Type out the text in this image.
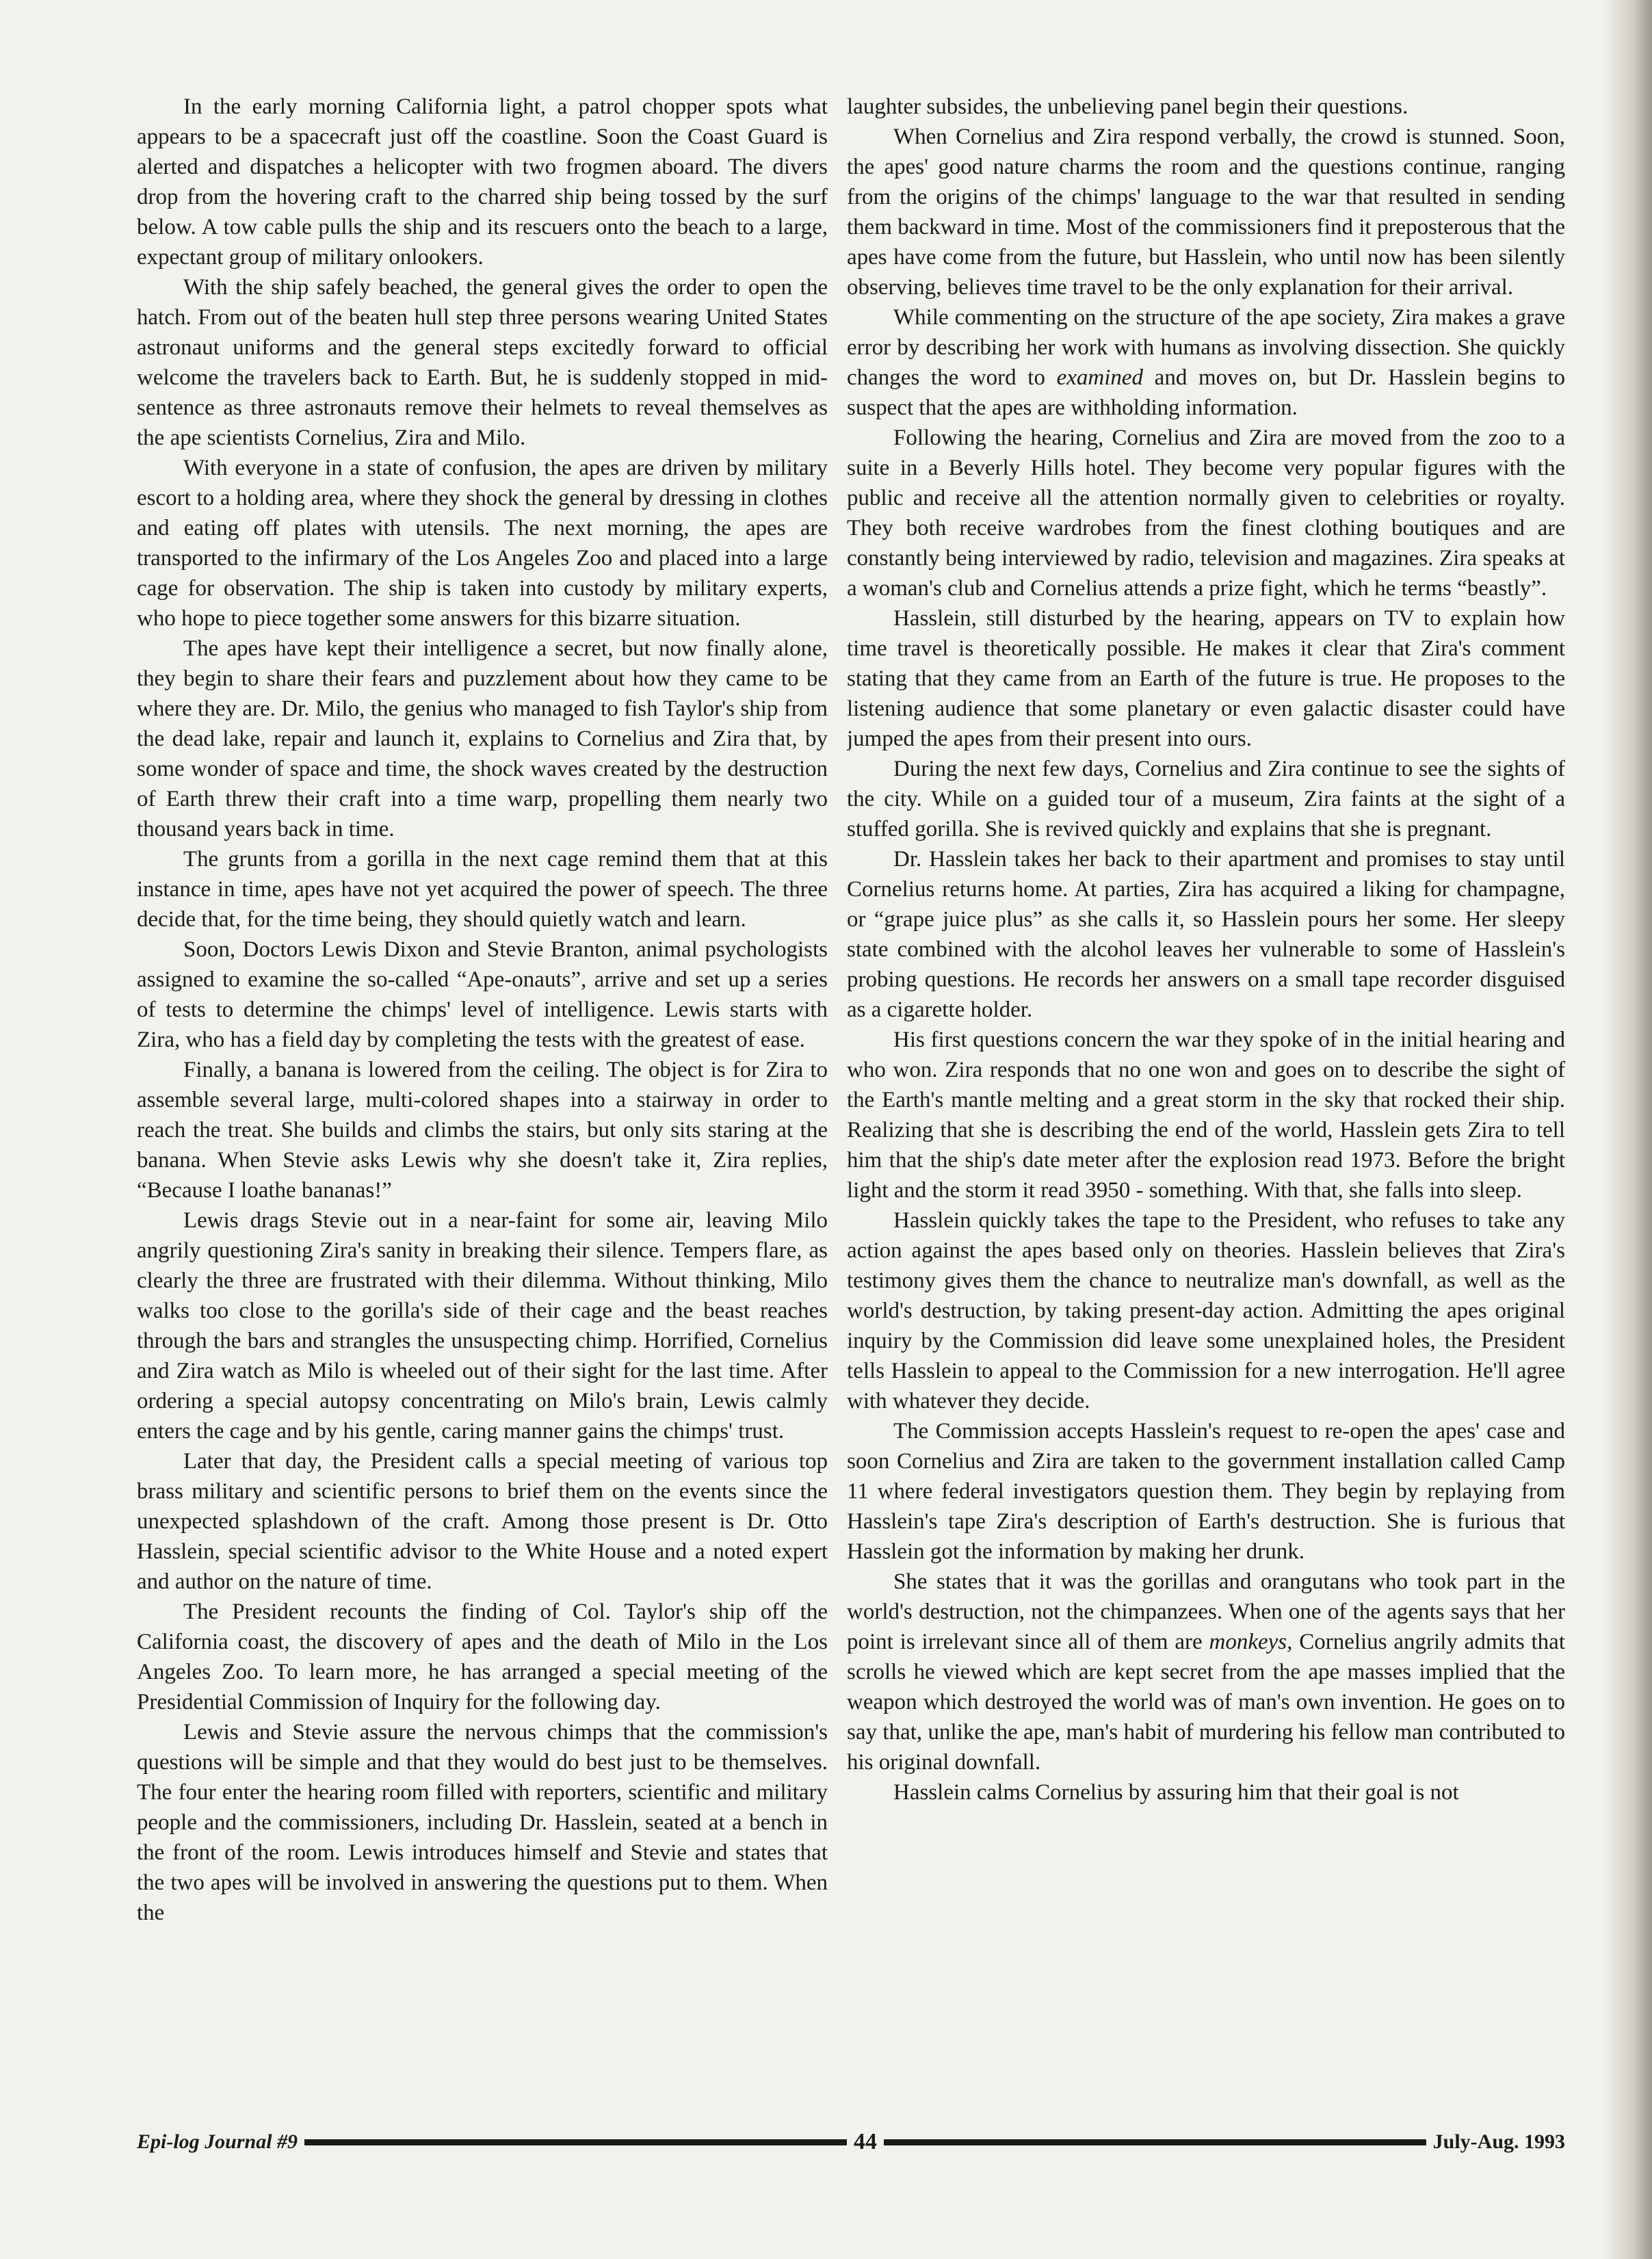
In the early morning California light, a patrol chopper spots what appears to be a spacecraft just off the coastline. Soon the Coast Guard is alerted and dispatches a helicopter with two frogmen aboard. The divers drop from the hovering craft to the charred ship being tossed by the surf below. A tow cable pulls the ship and its rescuers onto the beach to a large, expectant group of military onlookers.

With the ship safely beached, the general gives the order to open the hatch. From out of the beaten hull step three persons wearing United States astronaut uniforms and the general steps excitedly forward to official welcome the travelers back to Earth. But, he is suddenly stopped in mid-sentence as three astronauts remove their helmets to reveal themselves as the ape scientists Cornelius, Zira and Milo.

With everyone in a state of confusion, the apes are driven by military escort to a holding area, where they shock the general by dressing in clothes and eating off plates with utensils. The next morning, the apes are transported to the infirmary of the Los Angeles Zoo and placed into a large cage for observation. The ship is taken into custody by military experts, who hope to piece together some answers for this bizarre situation.

The apes have kept their intelligence a secret, but now finally alone, they begin to share their fears and puzzlement about how they came to be where they are. Dr. Milo, the genius who managed to fish Taylor's ship from the dead lake, repair and launch it, explains to Cornelius and Zira that, by some wonder of space and time, the shock waves created by the destruction of Earth threw their craft into a time warp, propelling them nearly two thousand years back in time.

The grunts from a gorilla in the next cage remind them that at this instance in time, apes have not yet acquired the power of speech. The three decide that, for the time being, they should quietly watch and learn.

Soon, Doctors Lewis Dixon and Stevie Branton, animal psychologists assigned to examine the so-called “Ape-onauts”, arrive and set up a series of tests to determine the chimps' level of intelligence. Lewis starts with Zira, who has a field day by completing the tests with the greatest of ease.

Finally, a banana is lowered from the ceiling. The object is for Zira to assemble several large, multi-colored shapes into a stairway in order to reach the treat. She builds and climbs the stairs, but only sits staring at the banana. When Stevie asks Lewis why she doesn't take it, Zira replies, “Because I loathe bananas!”

Lewis drags Stevie out in a near-faint for some air, leaving Milo angrily questioning Zira's sanity in breaking their silence. Tempers flare, as clearly the three are frustrated with their dilemma. Without thinking, Milo walks too close to the gorilla's side of their cage and the beast reaches through the bars and strangles the unsuspecting chimp. Horrified, Cornelius and Zira watch as Milo is wheeled out of their sight for the last time. After ordering a special autopsy concentrating on Milo's brain, Lewis calmly enters the cage and by his gentle, caring manner gains the chimps' trust.

Later that day, the President calls a special meeting of various top brass military and scientific persons to brief them on the events since the unexpected splashdown of the craft. Among those present is Dr. Otto Hasslein, special scientific advisor to the White House and a noted expert and author on the nature of time.

The President recounts the finding of Col. Taylor's ship off the California coast, the discovery of apes and the death of Milo in the Los Angeles Zoo. To learn more, he has arranged a special meeting of the Presidential Commission of Inquiry for the following day.

Lewis and Stevie assure the nervous chimps that the commission's questions will be simple and that they would do best just to be themselves. The four enter the hearing room filled with reporters, scientific and military people and the commissioners, including Dr. Hasslein, seated at a bench in the front of the room. Lewis introduces himself and Stevie and states that the two apes will be involved in answering the questions put to them. When the

laughter subsides, the unbelieving panel begin their questions.

When Cornelius and Zira respond verbally, the crowd is stunned. Soon, the apes' good nature charms the room and the questions continue, ranging from the origins of the chimps' language to the war that resulted in sending them backward in time. Most of the commissioners find it preposterous that the apes have come from the future, but Hasslein, who until now has been silently observing, believes time travel to be the only explanation for their arrival.

While commenting on the structure of the ape society, Zira makes a grave error by describing her work with humans as involving dissection. She quickly changes the word to examined and moves on, but Dr. Hasslein begins to suspect that the apes are withholding information.

Following the hearing, Cornelius and Zira are moved from the zoo to a suite in a Beverly Hills hotel. They become very popular figures with the public and receive all the attention normally given to celebrities or royalty. They both receive wardrobes from the finest clothing boutiques and are constantly being interviewed by radio, television and magazines. Zira speaks at a woman's club and Cornelius attends a prize fight, which he terms “beastly”.

Hasslein, still disturbed by the hearing, appears on TV to explain how time travel is theoretically possible. He makes it clear that Zira's comment stating that they came from an Earth of the future is true. He proposes to the listening audience that some planetary or even galactic disaster could have jumped the apes from their present into ours.

During the next few days, Cornelius and Zira continue to see the sights of the city. While on a guided tour of a museum, Zira faints at the sight of a stuffed gorilla. She is revived quickly and explains that she is pregnant.

Dr. Hasslein takes her back to their apartment and promises to stay until Cornelius returns home. At parties, Zira has acquired a liking for champagne, or “grape juice plus” as she calls it, so Hasslein pours her some. Her sleepy state combined with the alcohol leaves her vulnerable to some of Hasslein's probing questions. He records her answers on a small tape recorder disguised as a cigarette holder.

His first questions concern the war they spoke of in the initial hearing and who won. Zira responds that no one won and goes on to describe the sight of the Earth's mantle melting and a great storm in the sky that rocked their ship. Realizing that she is describing the end of the world, Hasslein gets Zira to tell him that the ship's date meter after the explosion read 1973. Before the bright light and the storm it read 3950 - something. With that, she falls into sleep.

Hasslein quickly takes the tape to the President, who refuses to take any action against the apes based only on theories. Hasslein believes that Zira's testimony gives them the chance to neutralize man's downfall, as well as the world's destruction, by taking present-day action. Admitting the apes original inquiry by the Commission did leave some unexplained holes, the President tells Hasslein to appeal to the Commission for a new interrogation. He'll agree with whatever they decide.

The Commission accepts Hasslein's request to re-open the apes' case and soon Cornelius and Zira are taken to the government installation called Camp 11 where federal investigators question them. They begin by replaying from Hasslein's tape Zira's description of Earth's destruction. She is furious that Hasslein got the information by making her drunk.

She states that it was the gorillas and orangutans who took part in the world's destruction, not the chimpanzees. When one of the agents says that her point is irrelevant since all of them are monkeys, Cornelius angrily admits that scrolls he viewed which are kept secret from the ape masses implied that the weapon which destroyed the world was of man's own invention. He goes on to say that, unlike the ape, man's habit of murdering his fellow man contributed to his original downfall.

Hasslein calms Cornelius by assuring him that their goal is not

Epi-log Journal #9	44	July-Aug. 1993
